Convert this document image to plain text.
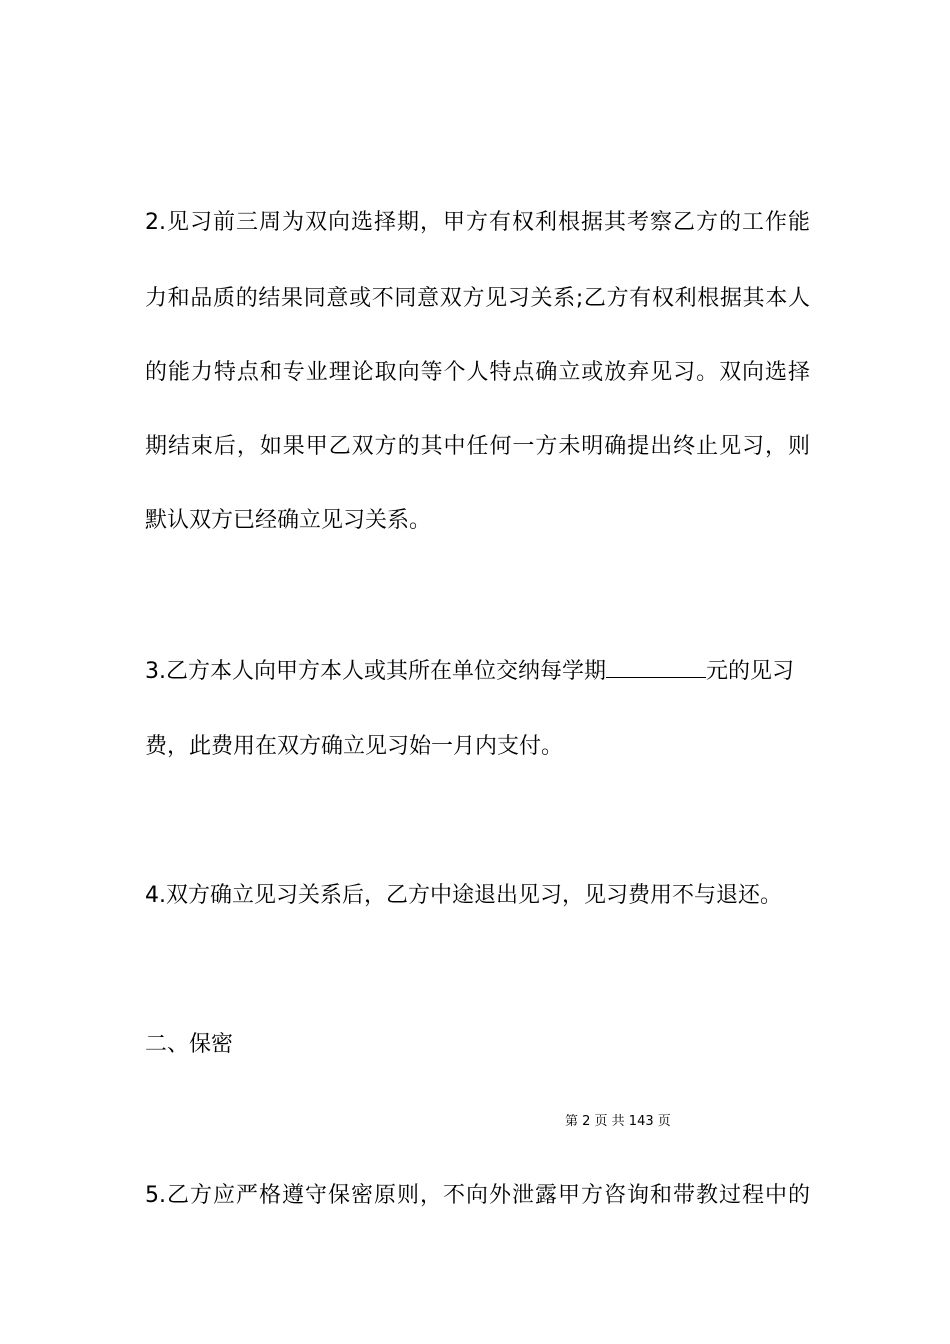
2.见习前三周为双向选择期，甲方有权利根据其考察乙方的工作能
力和品质的结果同意或不同意双方见习关系;乙方有权利根据其本人
的能力特点和专业理论取向等个人特点确立或放弃见习。双向选择
期结束后，如果甲乙双方的其中任何一方未明确提出终止见习，则
默认双方已经确立见习关系。
3.乙方本人向甲方本人或其所在单位交纳每学期	元的见习
费，此费用在双方确立见习始一月内支付。
4.双方确立见习关系后，乙方中途退出见习，见习费用不与退还。
二、保密
第 2 页 共 143 页
5.乙方应严格遵守保密原则，不向外泄露甲方咨询和带教过程中的
